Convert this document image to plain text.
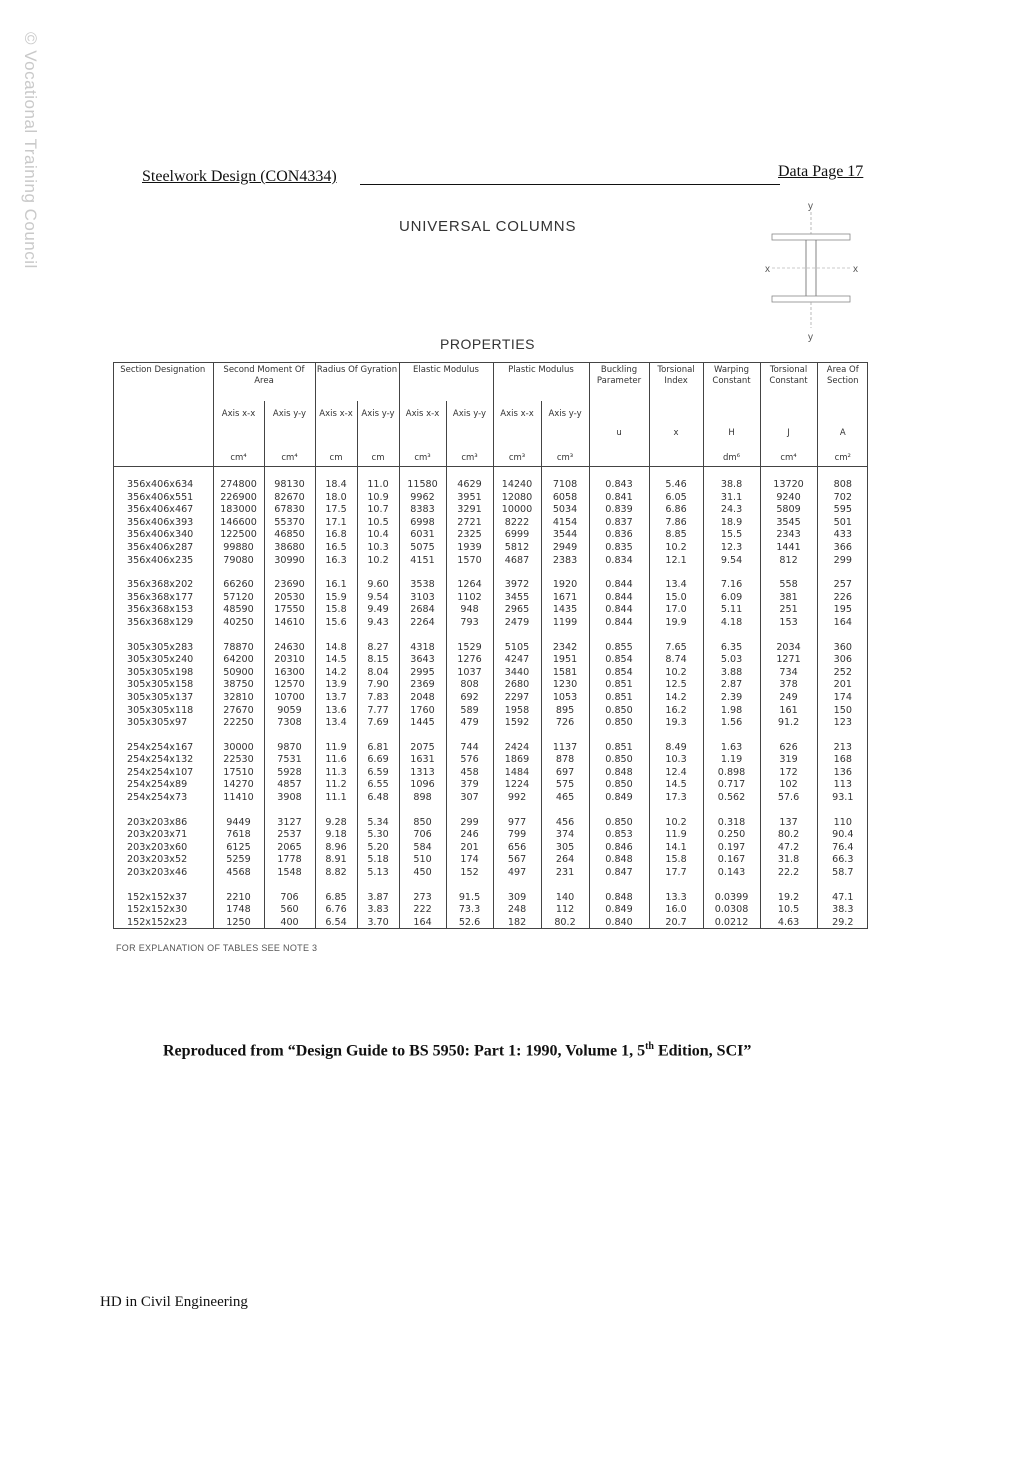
© Vocational Training Council	Steelwork Design (CON4334)	Data Page 17
UNIVERSAL COLUMNS
y
x	x
y
PROPERTIES
Section Designation	Second Moment Of Area		Radius Of Gyration		Elastic Modulus		Plastic Modulus		Buckling Parameter	Torsional Index	Warping Constant	Torsional Constant	Area Of Section
	Axis x-x	Axis y-y	Axis x-x	Axis y-y	Axis x-x	Axis y-y	Axis x-x	Axis y-y	u	x	H	J	A
	cm⁴	cm⁴	cm	cm	cm³	cm³	cm³	cm³			dm⁶	cm⁴	cm²

356x406x634	274800	98130	18.4	11.0	11580	4629	14240	7108	0.843	5.46	38.8	13720	808
356x406x551	226900	82670	18.0	10.9	9962	3951	12080	6058	0.841	6.05	31.1	9240	702
356x406x467	183000	67830	17.5	10.7	8383	3291	10000	5034	0.839	6.86	24.3	5809	595
356x406x393	146600	55370	17.1	10.5	6998	2721	8222	4154	0.837	7.86	18.9	3545	501
356x406x340	122500	46850	16.8	10.4	6031	2325	6999	3544	0.836	8.85	15.5	2343	433
356x406x287	99880	38680	16.5	10.3	5075	1939	5812	2949	0.835	10.2	12.3	1441	366
356x406x235	79080	30990	16.3	10.2	4151	1570	4687	2383	0.834	12.1	9.54	812	299

356x368x202	66260	23690	16.1	9.60	3538	1264	3972	1920	0.844	13.4	7.16	558	257
356x368x177	57120	20530	15.9	9.54	3103	1102	3455	1671	0.844	15.0	6.09	381	226
356x368x153	48590	17550	15.8	9.49	2684	948	2965	1435	0.844	17.0	5.11	251	195
356x368x129	40250	14610	15.6	9.43	2264	793	2479	1199	0.844	19.9	4.18	153	164

305x305x283	78870	24630	14.8	8.27	4318	1529	5105	2342	0.855	7.65	6.35	2034	360
305x305x240	64200	20310	14.5	8.15	3643	1276	4247	1951	0.854	8.74	5.03	1271	306
305x305x198	50900	16300	14.2	8.04	2995	1037	3440	1581	0.854	10.2	3.88	734	252
305x305x158	38750	12570	13.9	7.90	2369	808	2680	1230	0.851	12.5	2.87	378	201
305x305x137	32810	10700	13.7	7.83	2048	692	2297	1053	0.851	14.2	2.39	249	174
305x305x118	27670	9059	13.6	7.77	1760	589	1958	895	0.850	16.2	1.98	161	150
305x305x97	22250	7308	13.4	7.69	1445	479	1592	726	0.850	19.3	1.56	91.2	123

254x254x167	30000	9870	11.9	6.81	2075	744	2424	1137	0.851	8.49	1.63	626	213
254x254x132	22530	7531	11.6	6.69	1631	576	1869	878	0.850	10.3	1.19	319	168
254x254x107	17510	5928	11.3	6.59	1313	458	1484	697	0.848	12.4	0.898	172	136
254x254x89	14270	4857	11.2	6.55	1096	379	1224	575	0.850	14.5	0.717	102	113
254x254x73	11410	3908	11.1	6.48	898	307	992	465	0.849	17.3	0.562	57.6	93.1

203x203x86	9449	3127	9.28	5.34	850	299	977	456	0.850	10.2	0.318	137	110
203x203x71	7618	2537	9.18	5.30	706	246	799	374	0.853	11.9	0.250	80.2	90.4
203x203x60	6125	2065	8.96	5.20	584	201	656	305	0.846	14.1	0.197	47.2	76.4
203x203x52	5259	1778	8.91	5.18	510	174	567	264	0.848	15.8	0.167	31.8	66.3
203x203x46	4568	1548	8.82	5.13	450	152	497	231	0.847	17.7	0.143	22.2	58.7

152x152x37	2210	706	6.85	3.87	273	91.5	309	140	0.848	13.3	0.0399	19.2	47.1
152x152x30	1748	560	6.76	3.83	222	73.3	248	112	0.849	16.0	0.0308	10.5	38.3
152x152x23	1250	400	6.54	3.70	164	52.6	182	80.2	0.840	20.7	0.0212	4.63	29.2
FOR EXPLANATION OF TABLES SEE NOTE 3
Reproduced from “Design Guide to BS 5950: Part 1: 1990, Volume 1, 5th Edition, SCI”
HD in Civil Engineering
